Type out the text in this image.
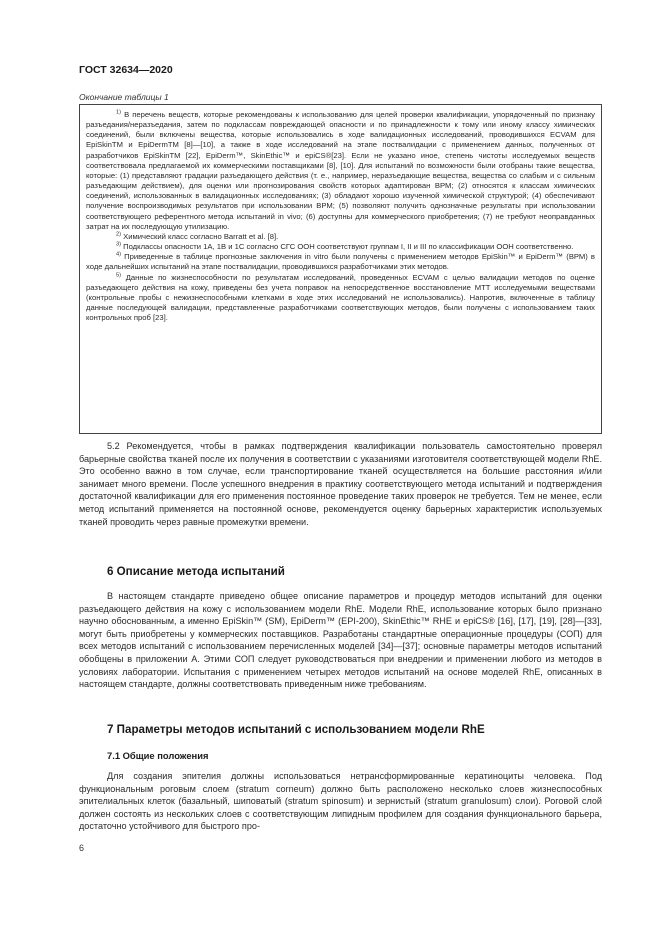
ГОСТ 32634—2020
Окончание таблицы 1

$^{1)}$ В перечень веществ, которые рекомендованы к использованию для целей проверки квалификации, упорядоченный по признаку разъедания/неразъедания, затем по подклассам повреждающей опасности и по принадлежности к тому или иному классу химических соединений, были включены вещества, которые использовались в ходе валидационных исследований, проводившихся ECVAM для EpiSkinTM и EpiDermTM [8]—[10], а также в ходе исследований на этапе поствалидации с применением данных, полученных от разработчиков EpiSkinTM [22], EpiDerm™, SkinEthic™ и epiCS®[23]. Если не указано иное, степень чистоты исследуемых веществ соответствовала предлагаемой их коммерческими поставщиками [8], [10]. Для испытаний по возможности были отобраны такие вещества, которые: (1) представляют градации разъедающего действия (т. е., например, неразъедающие вещества, вещества со слабым и с сильным разъедающим действием), для оценки или прогнозирования свойств которых адаптирован ВРМ; (2) относятся к классам химических соединений, использованных в валидационных исследованиях; (3) обладают хорошо изученной химической структурой; (4) обеспечивают получение воспроизводимых результатов при использовании ВРМ; (5) позволяют получить однозначные результаты при использовании соответствующего референтного метода испытаний in vivo; (6) доступны для коммерческого приобретения; (7) не требуют неоправданных затрат на их последующую утилизацию.

$^{2)}$ Химический класс согласно Barratt et al. [8].

$^{3)}$ Подклассы опасности 1А, 1В и 1С согласно СГС ООН соответствуют группам I, II и III по классификации ООН соответственно.

$^{4)}$ Приведенные в таблице прогнозные заключения in vitro были получены с применением методов EpiSkin™ и EpiDerm™ (ВРМ) в ходе дальнейших испытаний на этапе поствалидации, проводившихся разработчиками этих методов.

$^{5)}$ Данные по жизнеспособности по результатам исследований, проведенных ECVAM с целью валидации методов по оценке разъедающего действия на кожу, приведены без учета поправок на непосредственное восстановление МТТ исследуемыми веществами (контрольные пробы с нежизнеспособными клетками в ходе этих исследований не использовались). Напротив, включенные в таблицу данные последующей валидации, представленные разработчиками соответствующих методов, были получены с использованием таких контрольных проб [23].

5.2 Рекомендуется, чтобы в рамках подтверждения квалификации пользователь самостоятельно проверял барьерные свойства тканей после их получения в соответствии с указаниями изготовителя соответствующей модели RhE. Это особенно важно в том случае, если транспортирование тканей осуществляется на большие расстояния и/или занимает много времени. После успешного внедрения в практику соответствующего метода испытаний и подтверждения достаточной квалификации для его применения постоянное проведение таких проверок не требуется. Тем не менее, если метод испытаний применяется на постоянной основе, рекомендуется оценку барьерных характеристик используемых тканей проводить через равные промежутки времени.

6 Описание метода испытаний

В настоящем стандарте приведено общее описание параметров и процедур методов испытаний для оценки разъедающего действия на кожу с использованием модели RhE. Модели RhE, использование которых было признано научно обоснованным, а именно EpiSkin™ (SM), EpiDerm™ (EPI-200), SkinEthic™ RHE и epiCS® [16], [17], [19], [28]—[33], могут быть приобретены у коммерческих поставщиков. Разработаны стандартные операционные процедуры (СОП) для всех методов испытаний с использованием перечисленных моделей [34]—[37]; основные параметры методов испытаний обобщены в приложении А. Этими СОП следует руководствоваться при внедрении и применении любого из методов в условиях лаборатории. Испытания с применением четырех методов испытаний на основе моделей RhE, описанных в настоящем стандарте, должны соответствовать приведенным ниже требованиям.

7 Параметры методов испытаний с использованием модели RhE
7.1 Общие положения

Для создания эпителия должны использоваться нетрансформированные кератиноциты человека. Под функциональным роговым слоем (stratum corneum) должно быть расположено несколько слоев жизнеспособных эпителиальных клеток (базальный, шиповатый (stratum spinosum) и зернистый (stratum granulosum) слои). Роговой слой должен состоять из нескольких слоев с соответствующим липидным профилем для создания функционального барьера, достаточно устойчивого для быстрого про-

6
